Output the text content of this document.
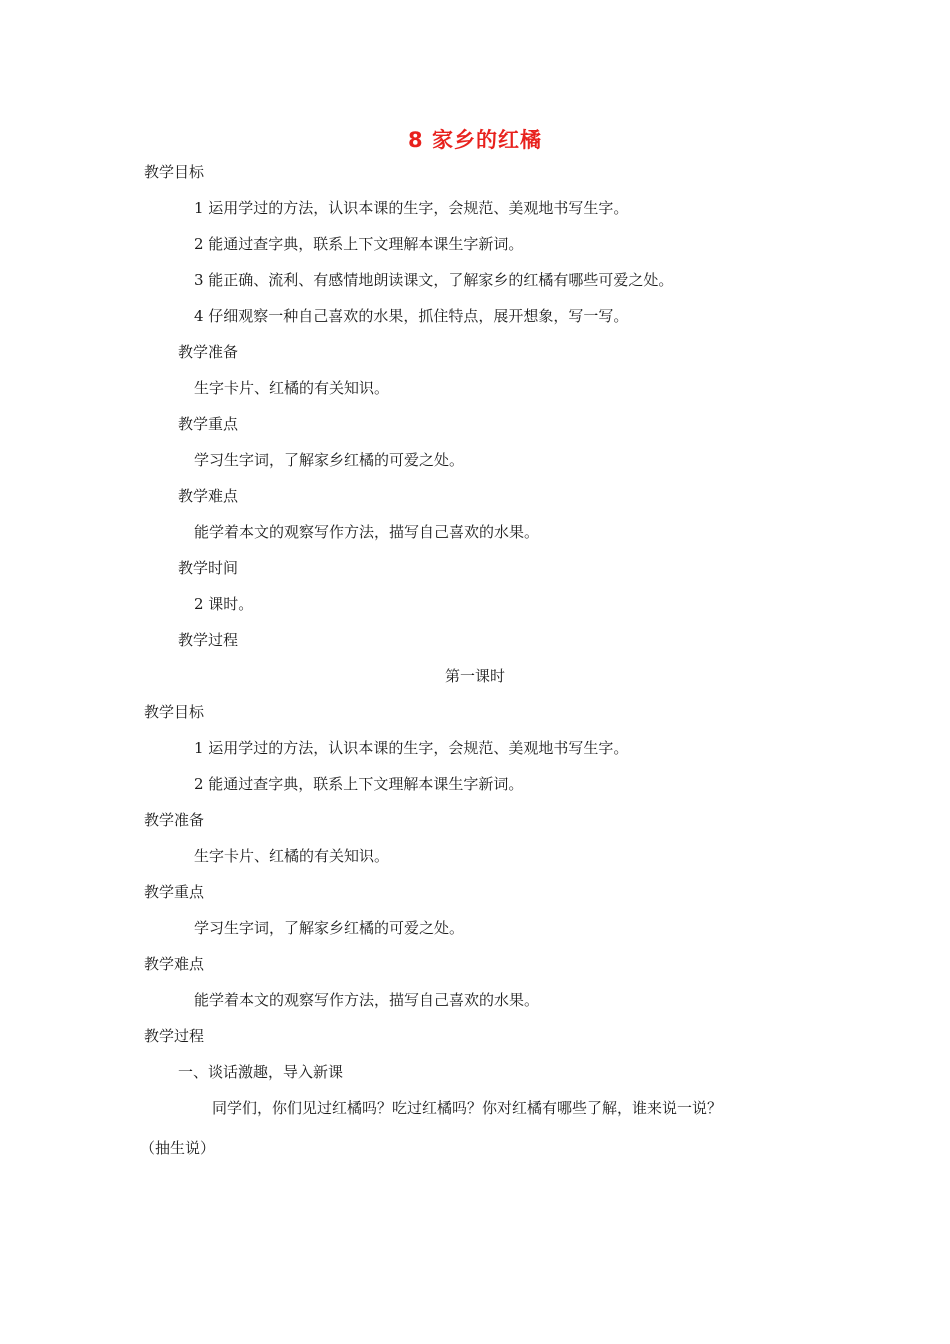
8 家乡的红橘
教学目标
1 运用学过的方法，认识本课的生字，会规范、美观地书写生字。
2 能通过查字典，联系上下文理解本课生字新词。
3 能正确、流利、有感情地朗读课文，了解家乡的红橘有哪些可爱之处。
4 仔细观察一种自己喜欢的水果，抓住特点，展开想象，写一写。
教学准备
生字卡片、红橘的有关知识。
教学重点
学习生字词，了解家乡红橘的可爱之处。
教学难点
能学着本文的观察写作方法，描写自己喜欢的水果。
教学时间
2 课时。
教学过程
第一课时
教学目标
1 运用学过的方法，认识本课的生字，会规范、美观地书写生字。
2 能通过查字典，联系上下文理解本课生字新词。
教学准备
生字卡片、红橘的有关知识。
教学重点
学习生字词，了解家乡红橘的可爱之处。
教学难点
能学着本文的观察写作方法，描写自己喜欢的水果。
教学过程
一、谈话激趣，导入新课
同学们，你们见过红橘吗？吃过红橘吗？你对红橘有哪些了解，谁来说一说？
（抽生说）
